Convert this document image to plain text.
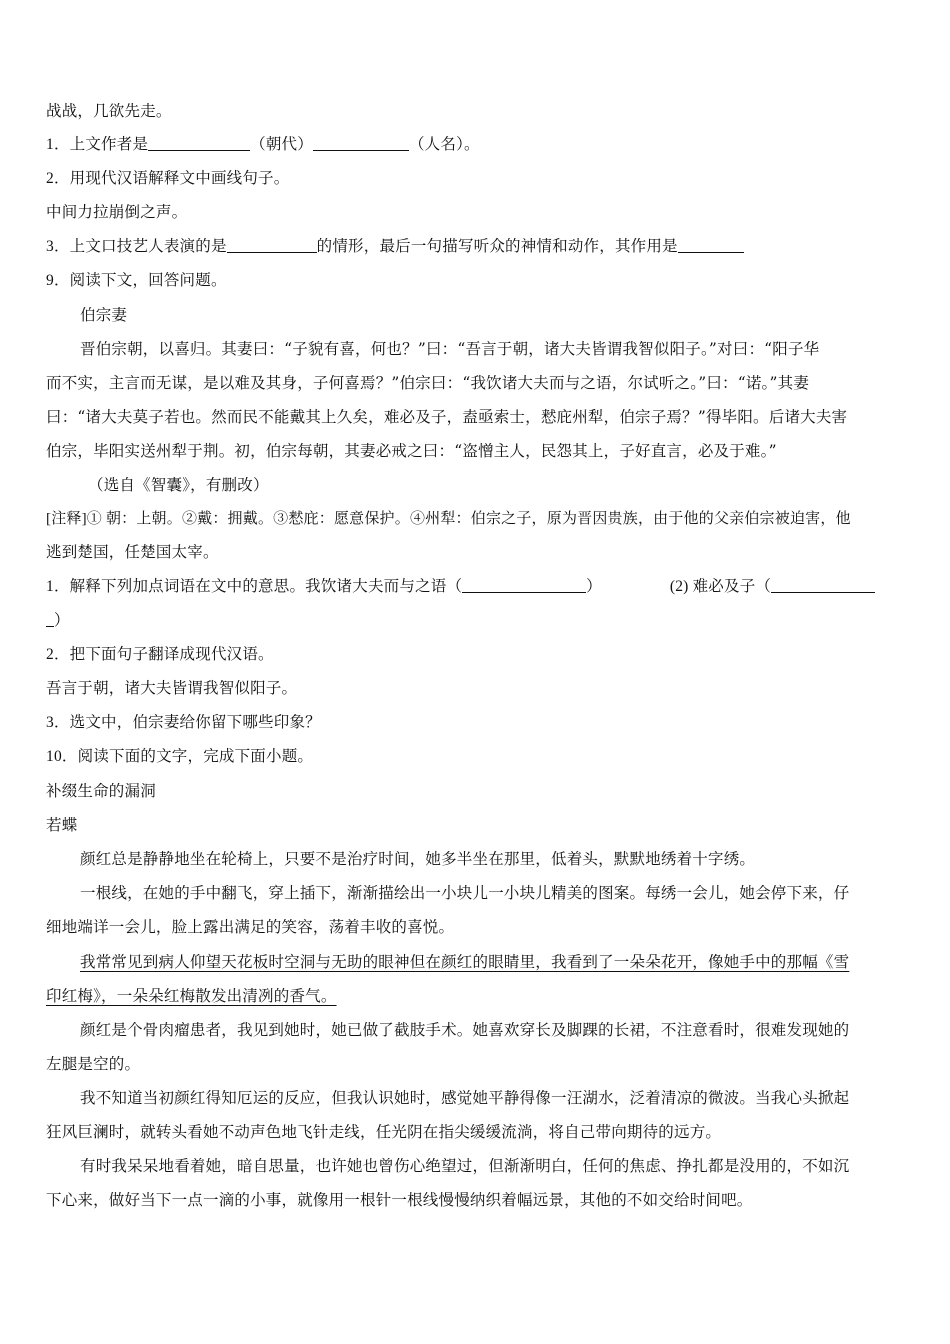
战战，几欲先走。
1．上文作者是	（朝代）	（人名）。
2．用现代汉语解释文中画线句子。
中间力拉崩倒之声。
3．上文口技艺人表演的是	的情形，最后一句描写听众的神情和动作，其作用是
9．阅读下文，回答问题。
伯宗妻
晋伯宗朝，以喜归。其妻曰：“子貌有喜，何也？”曰：“吾言于朝，诸大夫皆谓我智似阳子。”对曰：“阳子华
而不实，主言而无谋，是以难及其身，子何喜焉？”伯宗曰：“我饮诸大夫而与之语，尔试听之。”曰：“诺。”其妻
曰：“诸大夫莫子若也。然而民不能戴其上久矣，难必及子，盍亟索士，慭庇州犁，伯宗子焉？”得毕阳。后诸大夫害
伯宗，毕阳实送州犁于荆。初，伯宗每朝，其妻必戒之曰：“盗憎主人，民怨其上，子好直言，必及于难。”
（选自《智囊》，有删改）
[注释]① 朝：上朝。②戴：拥戴。③慭庇：愿意保护。④州犁：伯宗之子，原为晋因贵族，由于他的父亲伯宗被迫害，他
逃到楚国，任楚国太宰。
1．解释下列加点词语在文中的意思。我饮诸大夫而与之语（	）	(2) 难必及子（
）
2．把下面句子翻译成现代汉语。
吾言于朝，诸大夫皆谓我智似阳子。
3．选文中，伯宗妻给你留下哪些印象？
10．阅读下面的文字，完成下面小题。
补缀生命的漏洞
若蝶
颜红总是静静地坐在轮椅上，只要不是治疗时间，她多半坐在那里，低着头，默默地绣着十字绣。
一根线，在她的手中翻飞，穿上插下，渐渐描绘出一小块儿一小块儿精美的图案。每绣一会儿，她会停下来，仔
细地端详一会儿，脸上露出满足的笑容，荡着丰收的喜悦。
我常常见到病人仰望天花板时空洞与无助的眼神但在颜红的眼睛里，我看到了一朵朵花开，像她手中的那幅《雪
印红梅》，一朵朵红梅散发出清冽的香气。
颜红是个骨肉瘤患者，我见到她时，她已做了截肢手术。她喜欢穿长及脚踝的长裙，不注意看时，很难发现她的
左腿是空的。
我不知道当初颜红得知厄运的反应，但我认识她时，感觉她平静得像一汪湖水，泛着清凉的微波。当我心头掀起
狂风巨澜时，就转头看她不动声色地飞针走线，任光阴在指尖缓缓流淌，将自己带向期待的远方。
有时我呆呆地看着她，暗自思量，也许她也曾伤心绝望过，但渐渐明白，任何的焦虑、挣扎都是没用的，不如沉
下心来，做好当下一点一滴的小事，就像用一根针一根线慢慢纳织着幅远景，其他的不如交给时间吧。
